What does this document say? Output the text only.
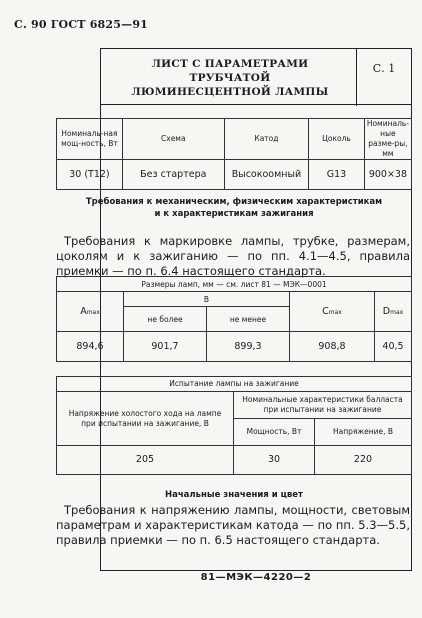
С. 90 ГОСТ 6825—91
ЛИСТ С ПАРАМЕТРАМИ ТРУБЧАТОЙ
ЛЮМИНЕСЦЕНТНОЙ ЛАМПЫ
С. 1
Номиналь-ная мощ-ность, Вт	Схема	Катод	Цоколь	Номиналь-ные разме-ры, мм
30 (Т12)	Без стартера	Высокоомный	G13	900×38
Требования к механическим, физическим характеристикам
и к характеристикам зажигания
Требования к маркировке лампы, трубке, размерам, цоколям и к зажиганию — по пп. 4.1—4.5, правила приемки — по п. 6.4 настоящего стандарта.
Размеры ламп, мм — см. лист 81 — МЭК—0001				
Amax	B		Cmax	Dmax
	не более	не менее		
894,6	901,7	899,3	908,8	40,5
Испытание лампы на зажигание		
Напряжение холостого хода на лампе при испытании на зажигание, В	Номинальные характеристики балласта при испытании на зажигание	
	Мощность, Вт	Напряжение, В
205	30	220
Начальные значения и цвет
Требования к напряжению лампы, мощности, световым параметрам и характеристикам катода — по пп. 5.3—5.5, правила приемки — по п. 6.5 настоящего стандарта.
81—МЭК—4220—2
